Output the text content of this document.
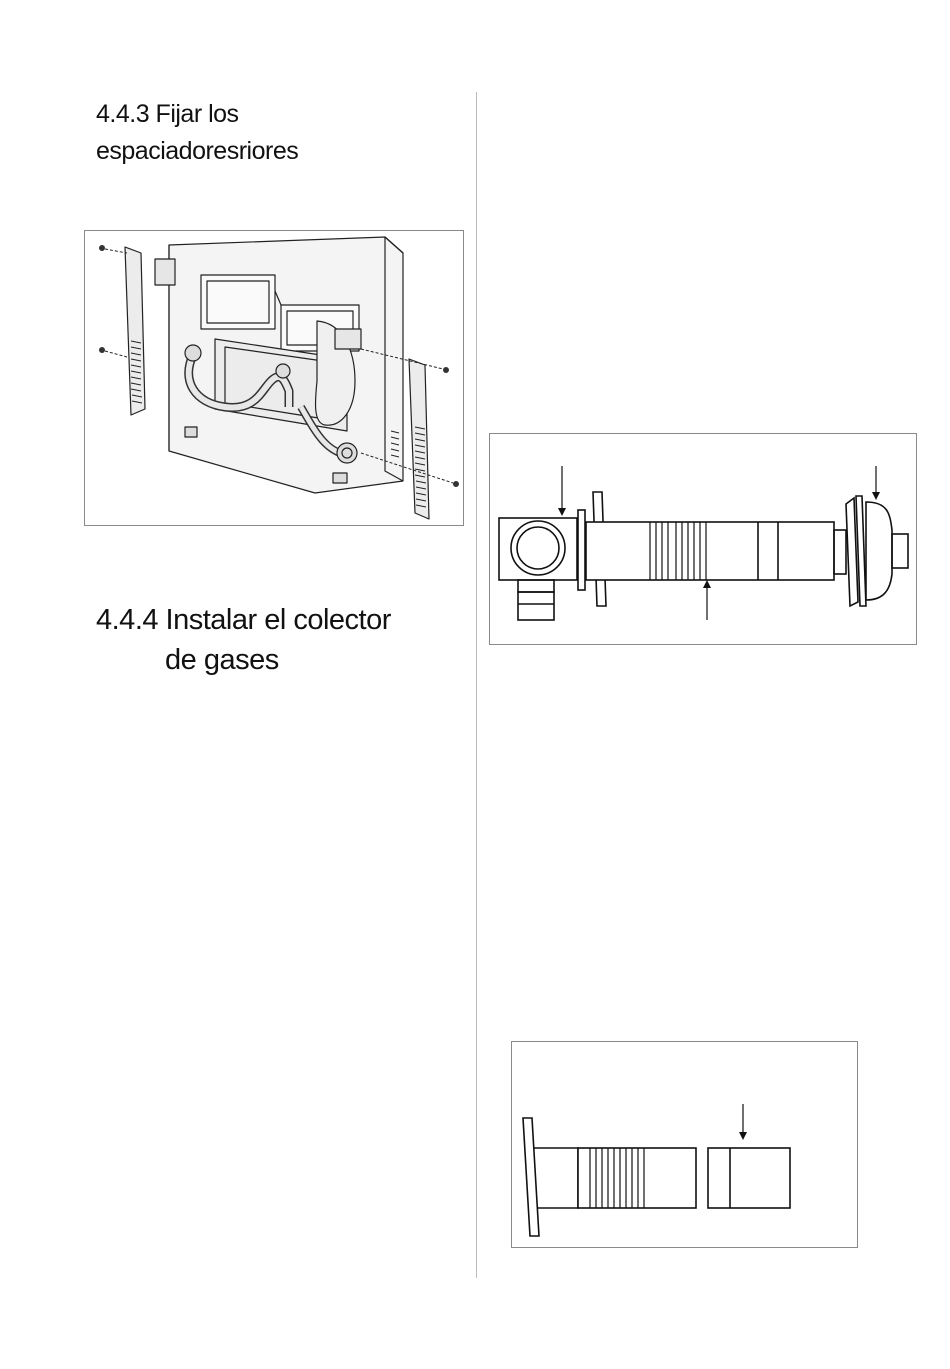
4.4.3 Fijar los
espaciadoresriores
4.4.4 Instalar el colector
de gases
